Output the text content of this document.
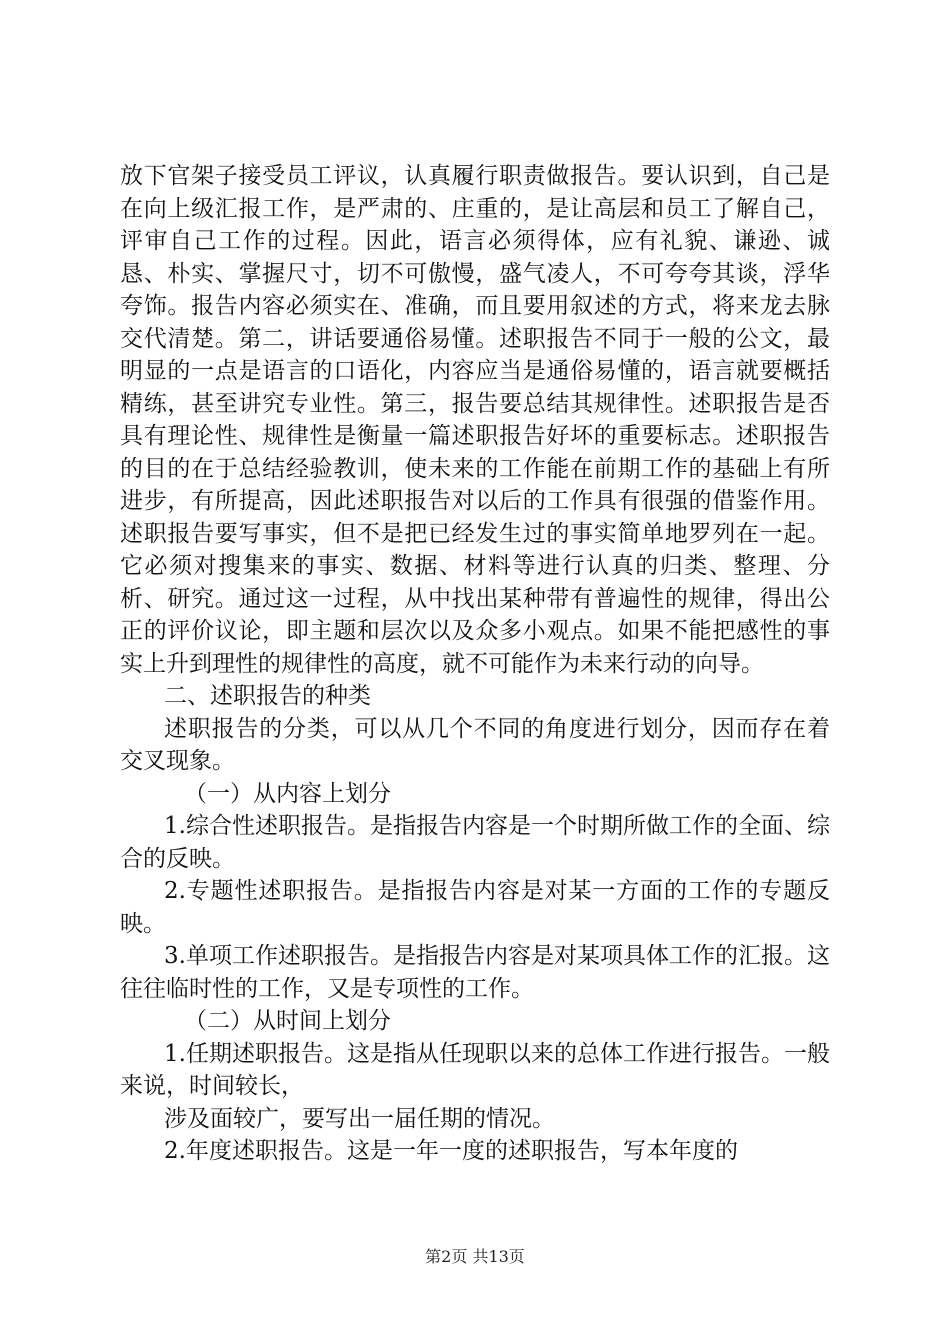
放下官架子接受员工评议，认真履行职责做报告。要认识到，自己是在向上级汇报工作，是严肃的、庄重的，是让高层和员工了解自己，评审自己工作的过程。因此，语言必须得体，应有礼貌、谦逊、诚恳、朴实、掌握尺寸，切不可傲慢，盛气凌人，不可夸夸其谈，浮华夸饰。报告内容必须实在、准确，而且要用叙述的方式，将来龙去脉交代清楚。第二，讲话要通俗易懂。述职报告不同于一般的公文，最明显的一点是语言的口语化，内容应当是通俗易懂的，语言就要概括精练，甚至讲究专业性。第三，报告要总结其规律性。述职报告是否具有理论性、规律性是衡量一篇述职报告好坏的重要标志。述职报告的目的在于总结经验教训，使未来的工作能在前期工作的基础上有所进步，有所提高，因此述职报告对以后的工作具有很强的借鉴作用。述职报告要写事实，但不是把已经发生过的事实简单地罗列在一起。它必须对搜集来的事实、数据、材料等进行认真的归类、整理、分析、研究。通过这一过程，从中找出某种带有普遍性的规律，得出公正的评价议论，即主题和层次以及众多小观点。如果不能把感性的事实上升到理性的规律性的高度，就不可能作为未来行动的向导。

二、述职报告的种类

述职报告的分类，可以从几个不同的角度进行划分，因而存在着交叉现象。

（一）从内容上划分

1.综合性述职报告。是指报告内容是一个时期所做工作的全面、综合的反映。

2.专题性述职报告。是指报告内容是对某一方面的工作的专题反映。

3.单项工作述职报告。是指报告内容是对某项具体工作的汇报。这往往临时性的工作，又是专项性的工作。

（二）从时间上划分

1.任期述职报告。这是指从任现职以来的总体工作进行报告。一般来说，时间较长，

涉及面较广，要写出一届任期的情况。

2.年度述职报告。这是一年一度的述职报告，写本年度的

第2页 共13页
